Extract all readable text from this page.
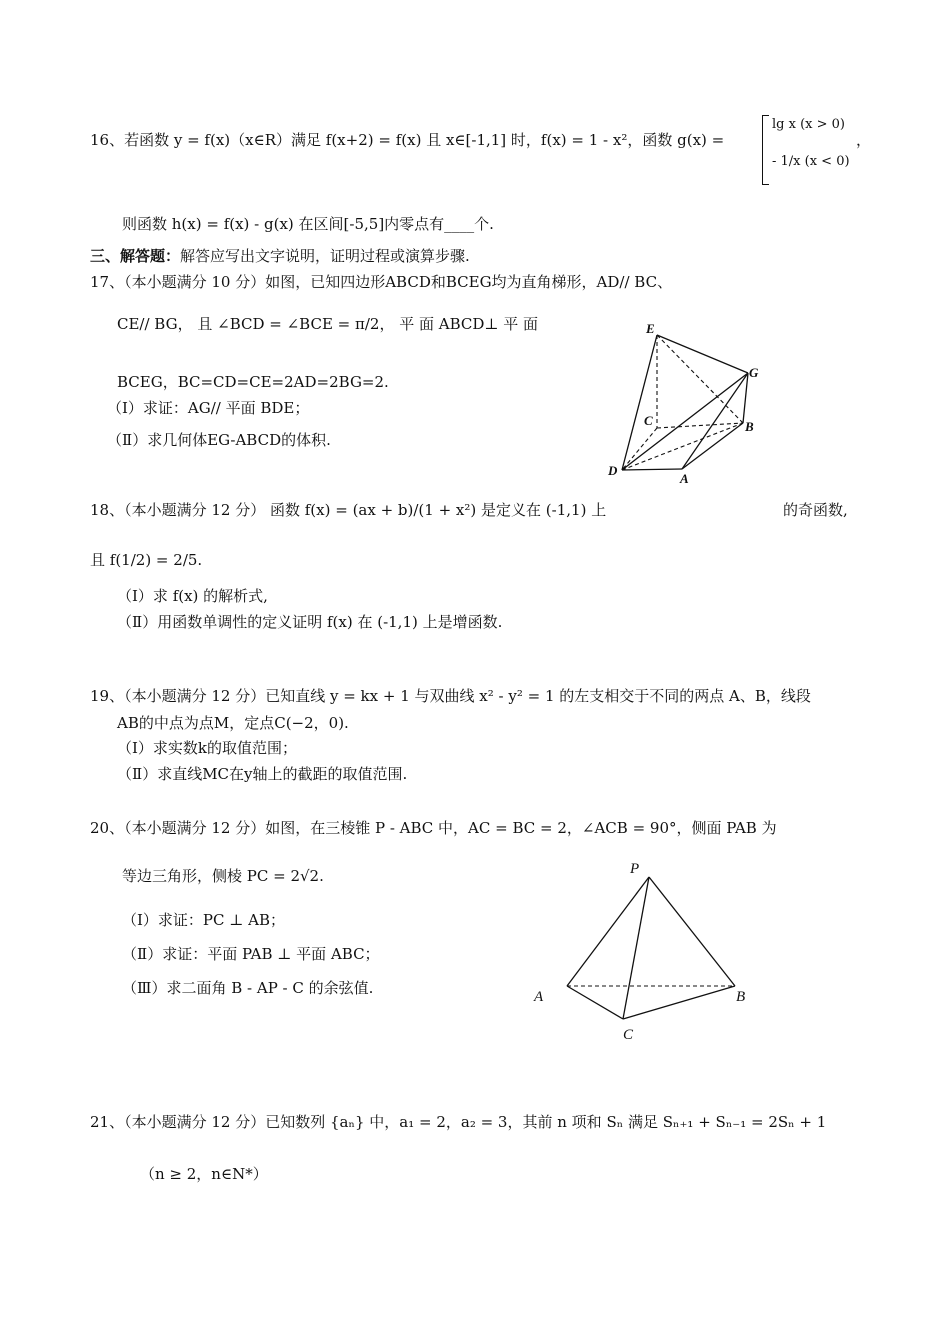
16、若函数 y = f(x)（x∈R）满足 f(x+2) = f(x) 且 x∈[-1,1] 时，f(x) = 1 - x²，函数 g(x) =
lg x (x > 0)
- 1/x (x < 0)
，
则函数 h(x) = f(x) - g(x) 在区间[-5,5]内零点有____个.
三、解答题：解答应写出文字说明，证明过程或演算步骤.
17、（本小题满分 10 分）如图，已知四边形ABCD和BCEG均为直角梯形，AD// BC、
CE// BG， 且 ∠BCD = ∠BCE = π/2， 平 面 ABCD⊥ 平 面
BCEG，BC=CD=CE=2AD=2BG=2.
（Ⅰ）求证：AG// 平面 BDE；
（Ⅱ）求几何体EG-ABCD的体积.
E
G
C	B
D
A
18、（本小题满分 12 分） 函数 f(x) = (ax + b)/(1 + x²) 是定义在 (-1,1) 上	的奇函数,
且 f(1/2) = 2/5.
（Ⅰ）求 f(x) 的解析式,
（Ⅱ）用函数单调性的定义证明 f(x) 在 (-1,1) 上是增函数.
19、（本小题满分 12 分）已知直线 y = kx + 1 与双曲线 x² - y² = 1 的左支相交于不同的两点 A、B，线段
AB的中点为点M，定点C(−2，0).
（Ⅰ）求实数k的取值范围；
（Ⅱ）求直线MC在y轴上的截距的取值范围.
20、（本小题满分 12 分）如图，在三棱锥 P - ABC 中，AC = BC = 2，∠ACB = 90°，侧面 PAB 为
等边三角形，侧棱 PC = 2√2.
（Ⅰ）求证：PC ⊥ AB；
（Ⅱ）求证：平面 PAB ⊥ 平面 ABC；
（Ⅲ）求二面角 B - AP - C 的余弦值.
P
A	B
C
21、（本小题满分 12 分）已知数列 {aₙ} 中，a₁ = 2，a₂ = 3，其前 n 项和 Sₙ 满足 Sₙ₊₁ + Sₙ₋₁ = 2Sₙ + 1
（n ≥ 2，n∈N*）
